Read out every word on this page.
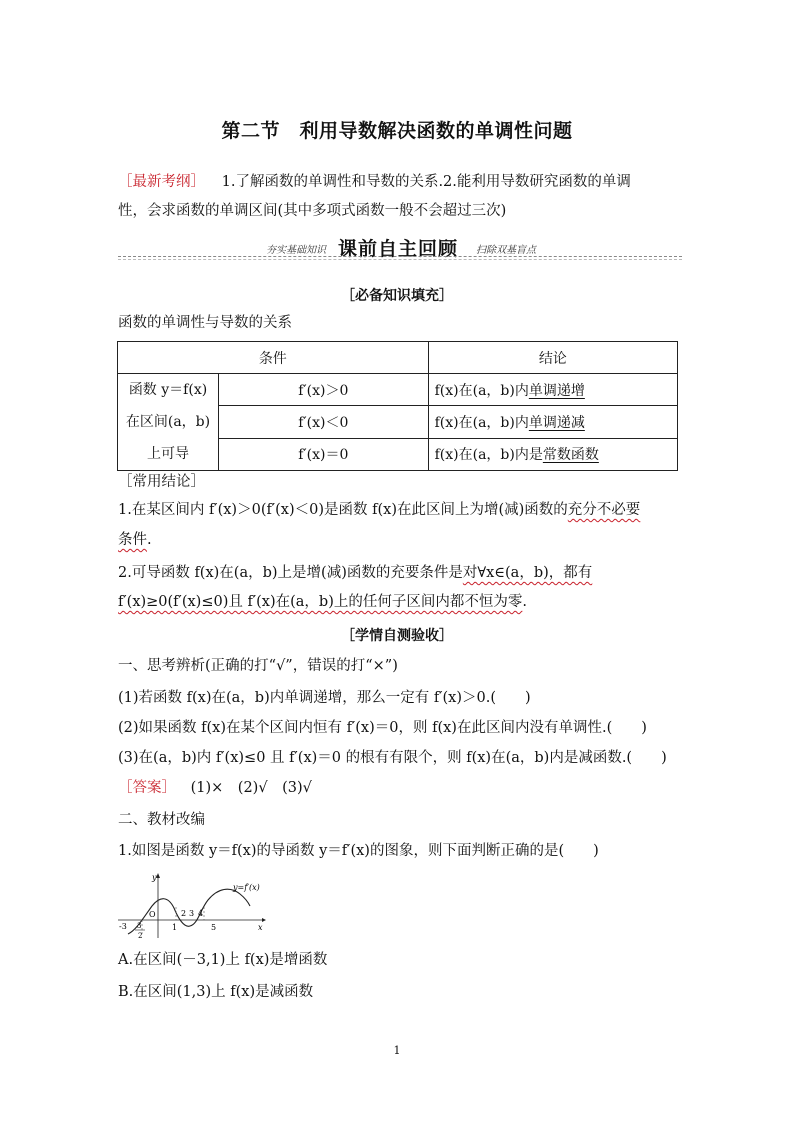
第二节　利用导数解决函数的单调性问题
［最新考纲］ 1.了解函数的单调性和导数的关系.2.能利用导数研究函数的单调
性，会求函数的单调区间(其中多项式函数一般不会超过三次)
夯实基础知识 课前自主回顾 扫除双基盲点
［必备知识填充］
函数的单调性与导数的关系
条件		结论

函数 y＝f(x)
在区间(a，b)
上可导	f′(x)＞0	f(x)在(a，b)内单调递增
	f′(x)＜0	f(x)在(a，b)内单调递减
	f′(x)＝0	f(x)在(a，b)内是常数函数
［常用结论］
1.在某区间内 f′(x)＞0(f′(x)＜0)是函数 f(x)在此区间上为增(减)函数的充分不必要
条件.
2.可导函数 f(x)在(a，b)上是增(减)函数的充要条件是对∀x∈(a，b)，都有
f′(x)≥0(f′(x)≤0)且 f′(x)在(a，b)上的任何子区间内都不恒为零.
［学情自测验收］
一、思考辨析(正确的打“√”，错误的打“×”)
(1)若函数 f(x)在(a，b)内单调递增，那么一定有 f′(x)＞0.(　　)
(2)如果函数 f(x)在某个区间内恒有 f′(x)＝0，则 f(x)在此区间内没有单调性.(　　)
(3)在(a，b)内 f′(x)≤0 且 f′(x)＝0 的根有有限个，则 f(x)在(a，b)内是减函数.(　　)
［答案］ (1)×　(2)√　(3)√
二、教材改编
1.如图是函数 y＝f(x)的导函数 y＝f′(x)的图象，则下面判断正确的是(　　)
y=f′(x)
y
x
O	2 3 4
-3 3
2
1	5
A.在区间(－3,1)上 f(x)是增函数
B.在区间(1,3)上 f(x)是减函数
1
